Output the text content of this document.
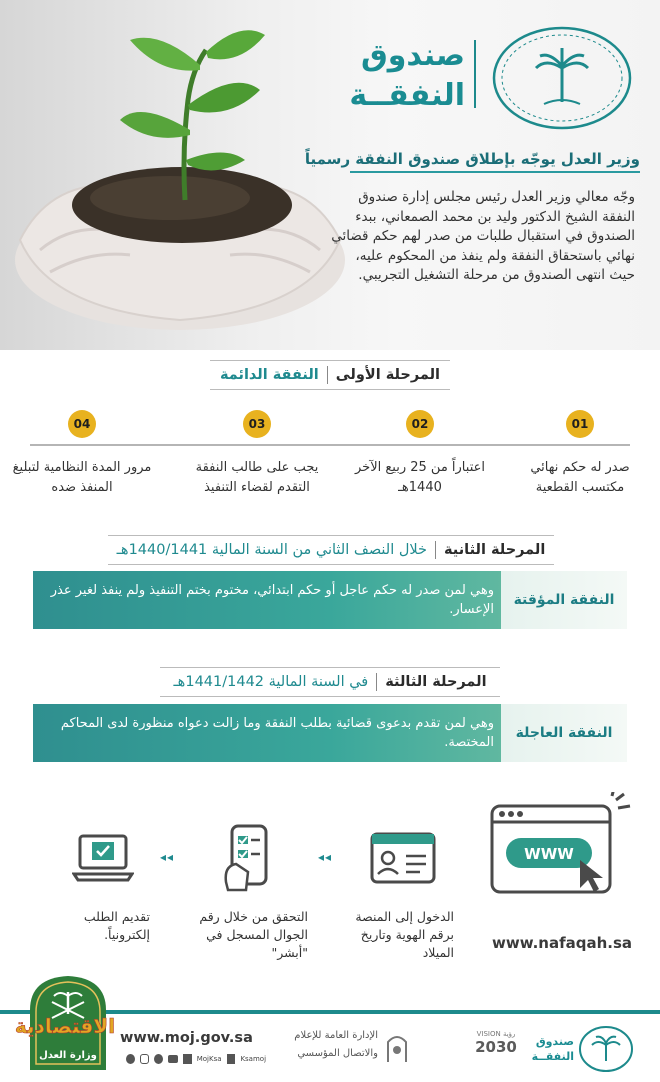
صندوق
النفقــة
وزير العدل يوجّه بإطلاق صندوق النفقة رسمياً
وجّه معالي وزير العدل رئيس مجلس إدارة صندوق النفقة الشيخ الدكتور وليد بن محمد الصمعاني، ببدء الصندوق في استقبال طلبات من صدر لهم حكم قضائي نهائي باستحقاق النفقة ولم ينفذ من المحكوم عليه، حيث انتهى الصندوق من مرحلة التشغيل التجريبي.
المرحلة الأولى
النفقة الدائمة
01
02
03
04
صدر له حكم نهائي مكتسب القطعية
اعتباراً من 25 ربيع الآخر 1440هـ
يجب على طالب النفقة التقدم لقضاء التنفيذ
مرور المدة النظامية لتبليغ المنفذ ضده
المرحلة الثانية
خلال النصف الثاني من السنة المالية 1440/1441هـ
النفقة المؤقتة
وهي لمن صدر له حكم عاجل أو حكم ابتدائي، مختوم بختم التنفيذ ولم ينفذ لغير عذر الإعسار.
المرحلة الثالثة
في السنة المالية 1441/1442هـ
النفقة العاجلة
وهي لمن تقدم بدعوى قضائية بطلب النفقة وما زالت دعواه منظورة لدى المحاكم المختصة.
WWW
www.nafaqah.sa
الدخول إلى المنصة برقم الهوية وتاريخ الميلاد
◂◂
التحقق من خلال رقم الجوال المسجل في "أبشر"
◂◂
تقديم الطلب إلكترونياً.
وزارة العدل
الاقتصادية www.moj.gov.sa
MojKsa	Ksamoj
الإدارة العامة للإعلام
والاتصال المؤسسي
VISION رؤية
2030	صندوق
النفقــة
